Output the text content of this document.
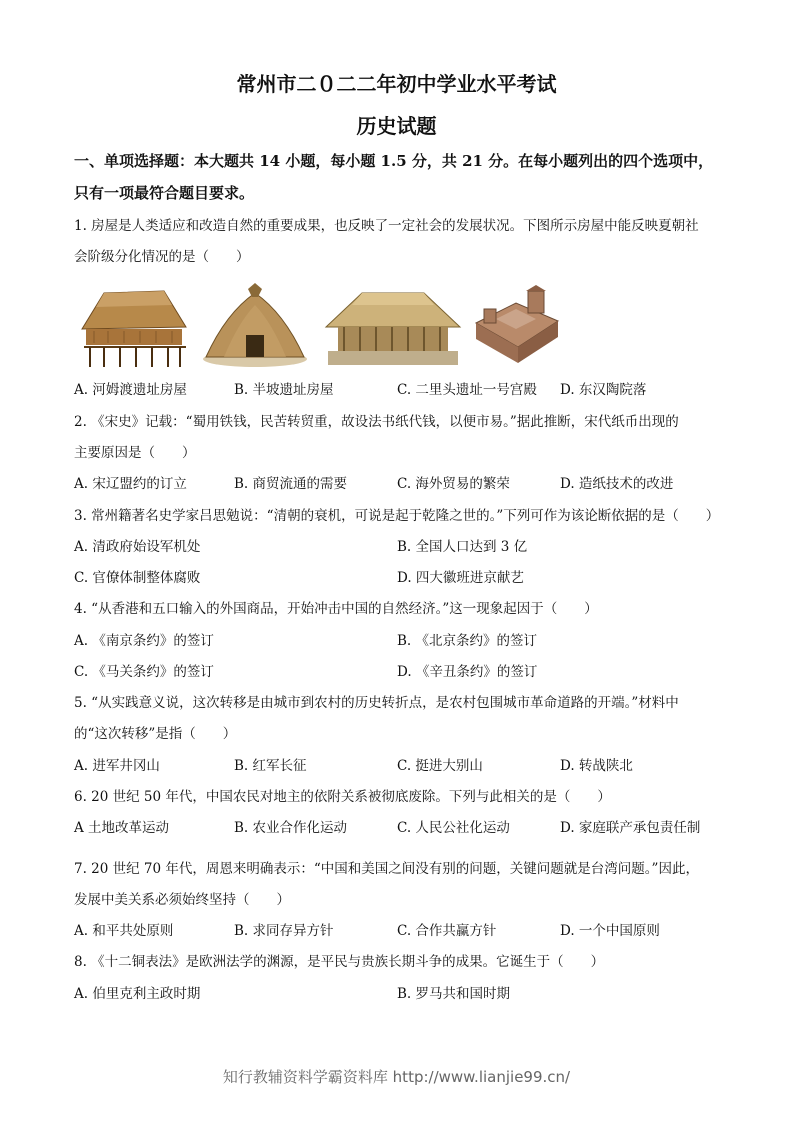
常州市二０二二年初中学业水平考试
历史试题
一、单项选择题：本大题共 14 小题，每小题 1.5 分，共 21 分。在每小题列出的四个选项中，
只有一项最符合题目要求。
1. 房屋是人类适应和改造自然的重要成果，也反映了一定社会的发展状况。下图所示房屋中能反映夏朝社
会阶级分化情况的是（　　）
A. 河姆渡遗址房屋	B. 半坡遗址房屋	C. 二里头遗址一号宫殿 D. 东汉陶院落
2. 《宋史》记载：“蜀用铁钱，民苦转贸重，故设法书纸代钱，以便市易。”据此推断，宋代纸币出现的
主要原因是（　　）
A. 宋辽盟约的订立	B. 商贸流通的需要	C. 海外贸易的繁荣	D. 造纸技术的改进
3. 常州籍著名史学家吕思勉说：“清朝的衰机，可说是起于乾隆之世的。”下列可作为该论断依据的是（　　）
A. 清政府始设军机处	B. 全国人口达到 3 亿
C. 官僚体制整体腐败	D. 四大徽班进京献艺
4. “从香港和五口输入的外国商品，开始冲击中国的自然经济。”这一现象起因于（　　）
A. 《南京条约》的签订	B. 《北京条约》的签订
C. 《马关条约》的签订	D. 《辛丑条约》的签订
5. “从实践意义说，这次转移是由城市到农村的历史转折点，是农村包围城市革命道路的开端。”材料中
的“这次转移”是指（　　）
A. 进军井冈山	B. 红军长征	C. 挺进大别山	D. 转战陕北
6. 20 世纪 50 年代，中国农民对地主的依附关系被彻底废除。下列与此相关的是（　　）
A 土地改革运动	B. 农业合作化运动	C. 人民公社化运动	D. 家庭联产承包责任制
7. 20 世纪 70 年代，周恩来明确表示：“中国和美国之间没有别的问题，关键问题就是台湾问题。”因此，
发展中美关系必须始终坚持（　　）
A. 和平共处原则	B. 求同存异方针	C. 合作共赢方针	D. 一个中国原则
8. 《十二铜表法》是欧洲法学的渊源，是平民与贵族长期斗争的成果。它诞生于（　　）
A. 伯里克利主政时期	B. 罗马共和国时期
知行教辅资料学霸资料库 http://www.lianjie99.cn/
